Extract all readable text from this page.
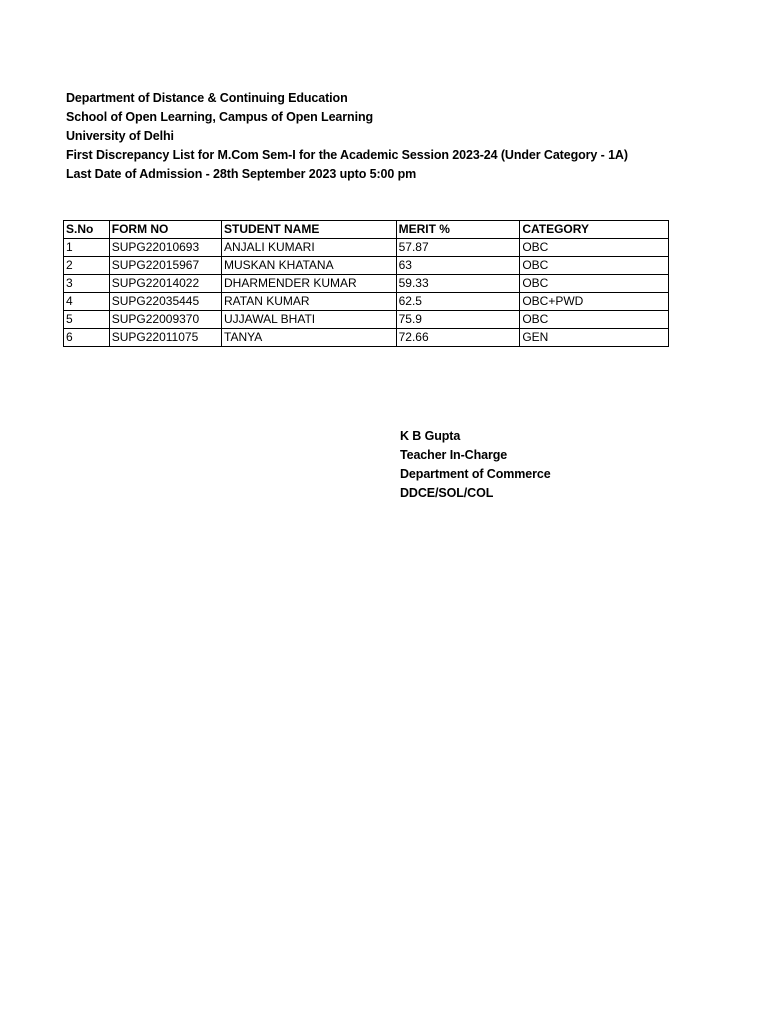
Department of Distance & Continuing Education
School of Open Learning, Campus of Open Learning
University of Delhi
First Discrepancy List for M.Com Sem-I for the Academic Session 2023-24 (Under Category - 1A)
Last Date of Admission - 28th September 2023 upto 5:00 pm
S.No	FORM NO	STUDENT NAME	MERIT %	CATEGORY
1	SUPG22010693	ANJALI KUMARI	57.87	OBC
2	SUPG22015967	MUSKAN KHATANA	63	OBC
3	SUPG22014022	DHARMENDER KUMAR	59.33	OBC
4	SUPG22035445	RATAN KUMAR	62.5	OBC+PWD
5	SUPG22009370	UJJAWAL BHATI	75.9	OBC
6	SUPG22011075	TANYA	72.66	GEN
K B Gupta
Teacher In-Charge
Department of Commerce
DDCE/SOL/COL
